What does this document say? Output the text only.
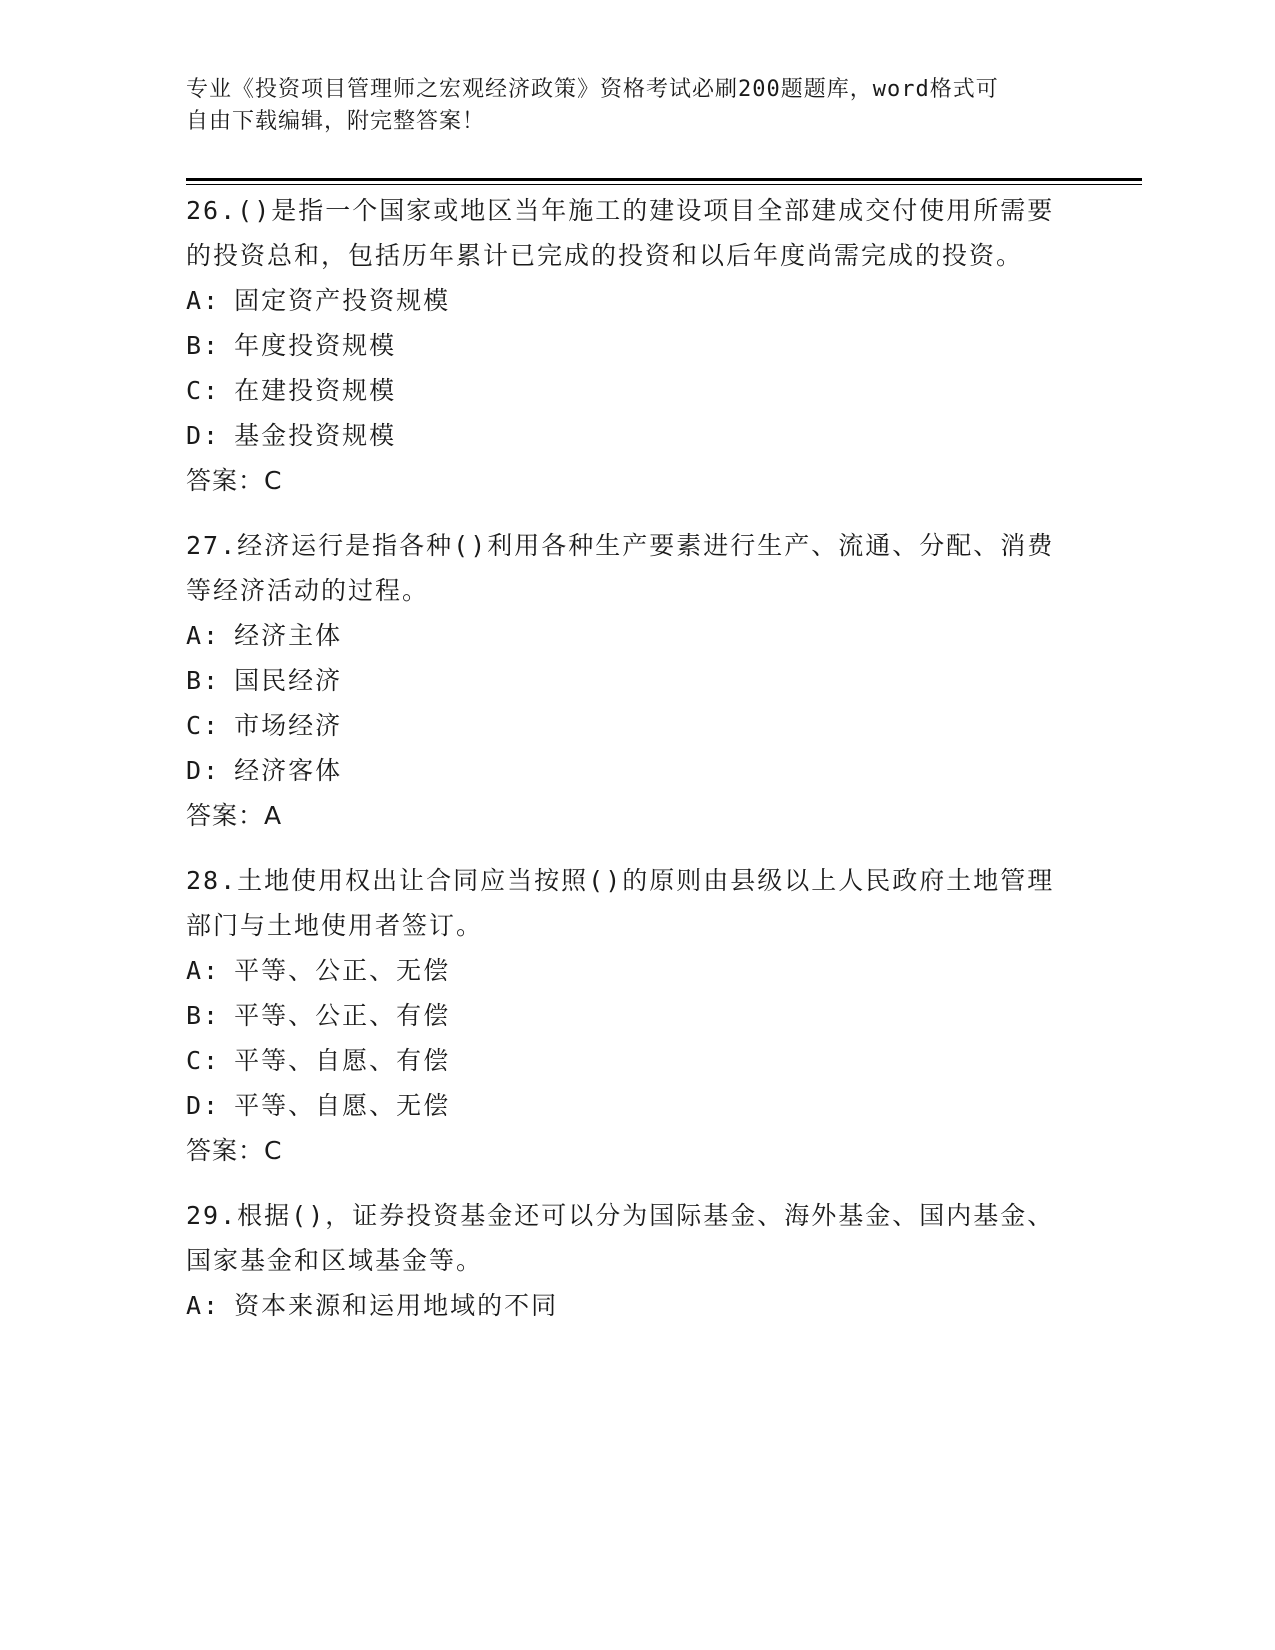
专业《投资项目管理师之宏观经济政策》资格考试必刷200题题库，word格式可
自由下载编辑，附完整答案！

26.()是指一个国家或地区当年施工的建设项目全部建成交付使用所需要的投资总和，包括历年累计已完成的投资和以后年度尚需完成的投资。

A: 固定资产投资规模

B: 年度投资规模

C: 在建投资规模

D: 基金投资规模

答案：C

27.经济运行是指各种()利用各种生产要素进行生产、流通、分配、消费等经济活动的过程。

A: 经济主体

B: 国民经济

C: 市场经济

D: 经济客体

答案：A

28.土地使用权出让合同应当按照()的原则由县级以上人民政府土地管理部门与土地使用者签订。

A: 平等、公正、无偿

B: 平等、公正、有偿

C: 平等、自愿、有偿

D: 平等、自愿、无偿

答案：C

29.根据()，证券投资基金还可以分为国际基金、海外基金、国内基金、国家基金和区域基金等。

A: 资本来源和运用地域的不同
